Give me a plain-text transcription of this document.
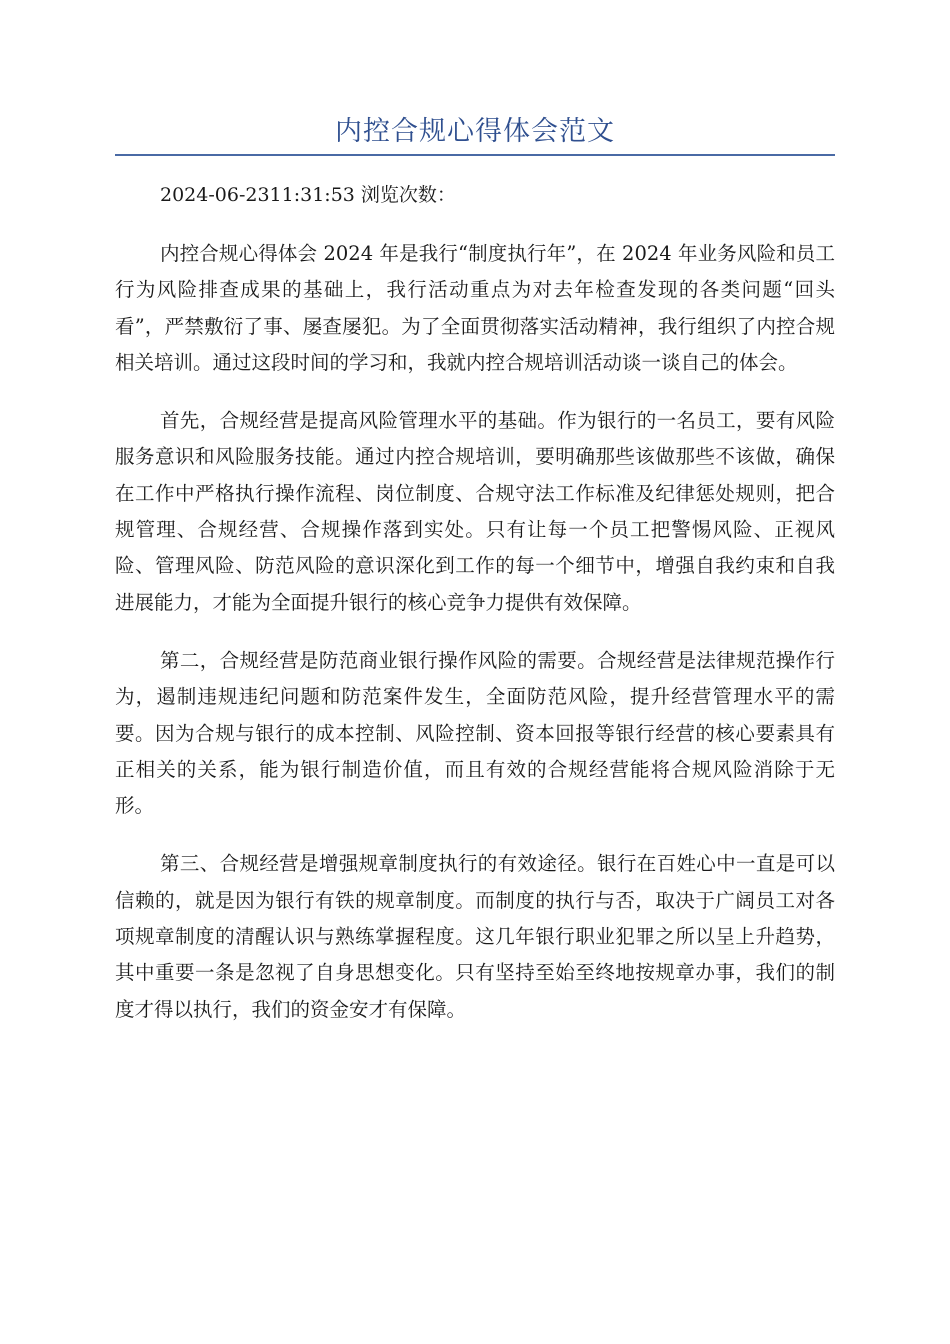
内控合规心得体会范文

2024-06-2311:31:53 浏览次数：

内控合规心得体会 2024 年是我行“制度执行年”，在 2024 年业务风险和员工行为风险排查成果的基础上，我行活动重点为对去年检查发现的各类问题“回头看”，严禁敷衍了事、屡查屡犯。为了全面贯彻落实活动精神，我行组织了内控合规相关培训。通过这段时间的学习和，我就内控合规培训活动谈一谈自己的体会。

首先，合规经营是提高风险管理水平的基础。作为银行的一名员工，要有风险服务意识和风险服务技能。通过内控合规培训，要明确那些该做那些不该做，确保在工作中严格执行操作流程、岗位制度、合规守法工作标准及纪律惩处规则，把合规管理、合规经营、合规操作落到实处。只有让每一个员工把警惕风险、正视风险、管理风险、防范风险的意识深化到工作的每一个细节中，增强自我约束和自我进展能力，才能为全面提升银行的核心竞争力提供有效保障。

第二，合规经营是防范商业银行操作风险的需要。合规经营是法律规范操作行为，遏制违规违纪问题和防范案件发生，全面防范风险，提升经营管理水平的需要。因为合规与银行的成本控制、风险控制、资本回报等银行经营的核心要素具有正相关的关系，能为银行制造价值，而且有效的合规经营能将合规风险消除于无形。

第三、合规经营是增强规章制度执行的有效途径。银行在百姓心中一直是可以信赖的，就是因为银行有铁的规章制度。而制度的执行与否，取决于广阔员工对各项规章制度的清醒认识与熟练掌握程度。这几年银行职业犯罪之所以呈上升趋势，其中重要一条是忽视了自身思想变化。只有坚持至始至终地按规章办事，我们的制度才得以执行，我们的资金安才有保障。
